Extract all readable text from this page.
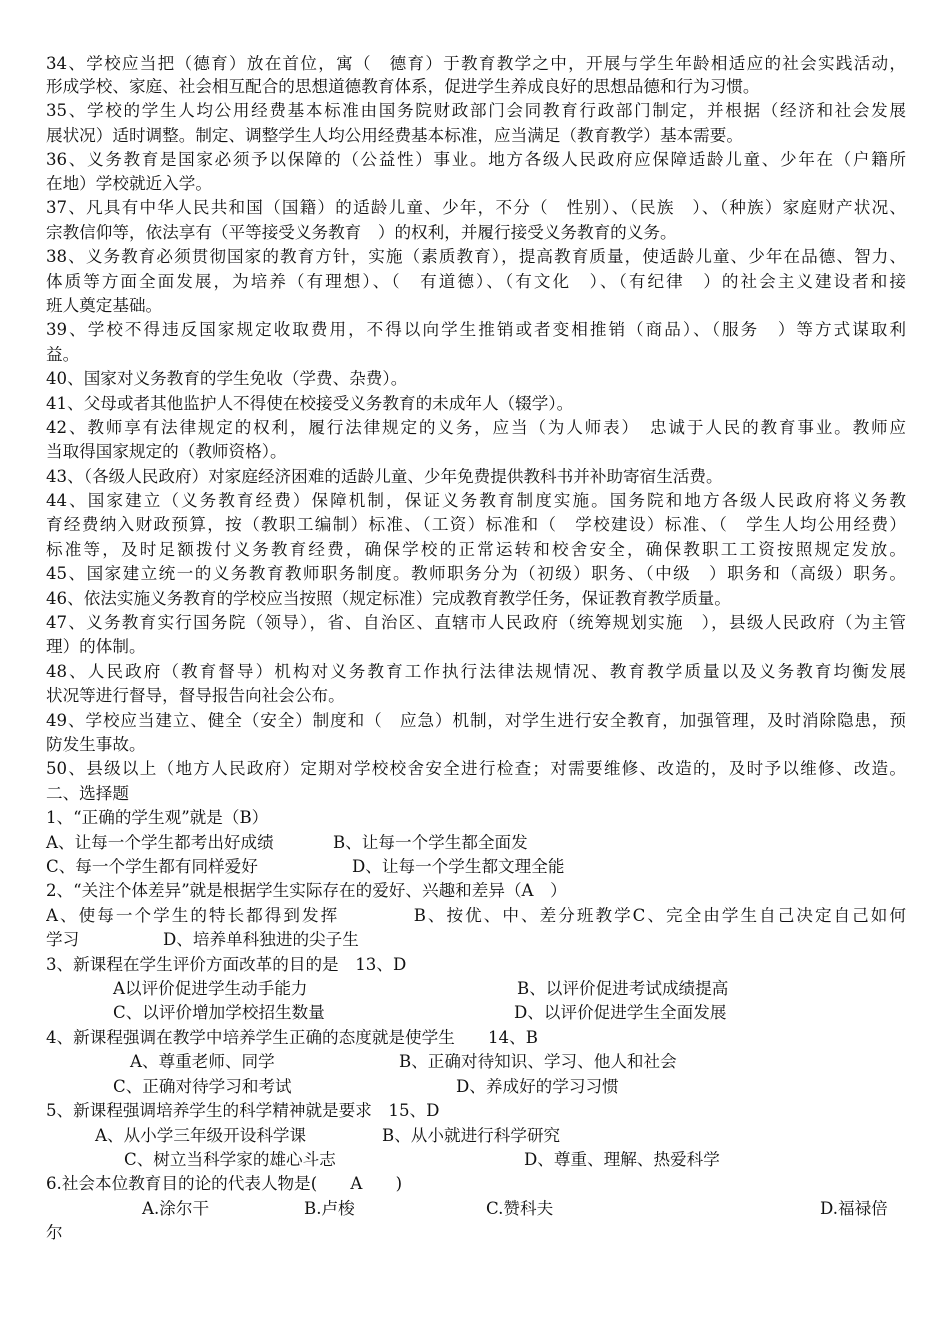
34、学校应当把（德育）放在首位，寓（　德育）于教育教学之中，开展与学生年龄相适应的社会实践活动，
形成学校、家庭、社会相互配合的思想道德教育体系，促进学生养成良好的思想品德和行为习惯。
35、学校的学生人均公用经费基本标准由国务院财政部门会同教育行政部门制定，并根据（经济和社会发展
展状况）适时调整。制定、调整学生人均公用经费基本标准，应当满足（教育教学）基本需要。
36、义务教育是国家必须予以保障的（公益性）事业。地方各级人民政府应保障适龄儿童、少年在（户籍所
在地）学校就近入学。
37、凡具有中华人民共和国（国籍）的适龄儿童、少年，不分（　性别）、（民族　）、（种族）家庭财产状况、
宗教信仰等，依法享有（平等接受义务教育　）的权利，并履行接受义务教育的义务。
38、义务教育必须贯彻国家的教育方针，实施（素质教育），提高教育质量，使适龄儿童、少年在品德、智力、
体质等方面全面发展，为培养（有理想）、（　有道德）、（有文化　）、（有纪律　）的社会主义建设者和接
班人奠定基础。
39、学校不得违反国家规定收取费用，不得以向学生推销或者变相推销（商品）、（服务　）等方式谋取利
益。
40、国家对义务教育的学生免收（学费、杂费）。
41、父母或者其他监护人不得使在校接受义务教育的未成年人（辍学）。
42、教师享有法律规定的权利，履行法律规定的义务，应当（为人师表）　忠诚于人民的教育事业。教师应
当取得国家规定的（教师资格）。
43、（各级人民政府）对家庭经济困难的适龄儿童、少年免费提供教科书并补助寄宿生活费。
44、国家建立（义务教育经费）保障机制，保证义务教育制度实施。国务院和地方各级人民政府将义务教
育经费纳入财政预算，按（教职工编制）标准、（工资）标准和（　学校建设）标准、（　学生人均公用经费）
标准等，及时足额拨付义务教育经费，确保学校的正常运转和校舍安全，确保教职工工资按照规定发放。
45、国家建立统一的义务教育教师职务制度。教师职务分为（初级）职务、（中级　）职务和（高级）职务。
46、依法实施义务教育的学校应当按照（规定标准）完成教育教学任务，保证教育教学质量。
47、义务教育实行国务院（领导），省、自治区、直辖市人民政府（统筹规划实施　），县级人民政府（为主管
理）的体制。
48、人民政府（教育督导）机构对义务教育工作执行法律法规情况、教育教学质量以及义务教育均衡发展
状况等进行督导，督导报告向社会公布。
49、学校应当建立、健全（安全）制度和（　应急）机制，对学生进行安全教育，加强管理，及时消除隐患，预
防发生事故。
50、县级以上（地方人民政府）定期对学校校舍安全进行检查；对需要维修、改造的，及时予以维修、改造。
二、选择题
1、“正确的学生观”就是（B）
A、让每一个学生都考出好成绩	B、让每一个学生都全面发
C、每一个学生都有同样爱好	D、让每一个学生都文理全能
2、“关注个体差异”就是根据学生实际存在的爱好、兴趣和差异（A　）
A、使每一个学生的特长都得到发挥　　　　B、按优、中、差分班教学C、完全由学生自己决定自己如何
学习	D、培养单科独进的尖子生
3、新课程在学生评价方面改革的目的是　13、D
A以评价促进学生动手能力	B、以评价促进考试成绩提高
C、以评价增加学校招生数量	D、以评价促进学生全面发展
4、新课程强调在教学中培养学生正确的态度就是使学生　　14、B
A、尊重老师、同学	B、正确对待知识、学习、他人和社会
C、正确对待学习和考试	D、养成好的学习习惯
5、新课程强调培养学生的科学精神就是要求　15、D
A、从小学三年级开设科学课	B、从小就进行科学研究
C、树立当科学家的雄心斗志	D、尊重、理解、热爱科学
6.社会本位教育目的论的代表人物是(　　A　　)
A.涂尔干	B.卢梭	C.赞科夫	D.福禄倍
尔
